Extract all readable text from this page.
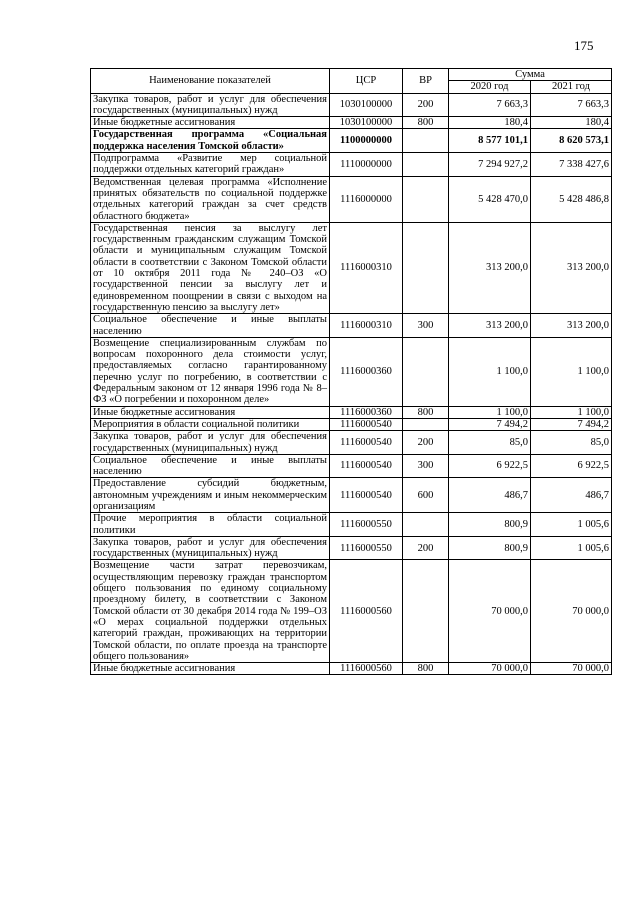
175
Наименование показателей	ЦСР	ВР	Сумма	
			2020 год	2021 год
Закупка товаров, работ и услуг для обеспечения государственных (муниципальных) нужд	1030100000	200	7 663,3	7 663,3
Иные бюджетные ассигнования	1030100000	800	180,4	180,4
Государственная программа «Социальная поддержка населения Томской области»	1100000000		8 577 101,1	8 620 573,1
Подпрограмма «Развитие мер социальной поддержки отдельных категорий граждан»	1110000000		7 294 927,2	7 338 427,6
Ведомственная целевая программа «Исполнение принятых обязательств по социальной поддержке отдельных категорий граждан за счет средств областного бюджета»	1116000000		5 428 470,0	5 428 486,8
Государственная пенсия за выслугу лет государственным гражданским служащим Томской области и муниципальным служащим Томской области в соответствии с Законом Томской области от 10 октября 2011 года № 240–ОЗ «О государственной пенсии за выслугу лет и единовременном поощрении в связи с выходом на государственную пенсию за выслугу лет»	1116000310		313 200,0	313 200,0
Социальное обеспечение и иные выплаты населению	1116000310	300	313 200,0	313 200,0
Возмещение специализированным службам по вопросам похоронного дела стоимости услуг, предоставляемых согласно гарантированному перечню услуг по погребению, в соответствии с Федеральным законом от 12 января 1996 года № 8–ФЗ «О погребении и похоронном деле»	1116000360		1 100,0	1 100,0
Иные бюджетные ассигнования	1116000360	800	1 100,0	1 100,0
Мероприятия в области социальной политики	1116000540		7 494,2	7 494,2
Закупка товаров, работ и услуг для обеспечения государственных (муниципальных) нужд	1116000540	200	85,0	85,0
Социальное обеспечение и иные выплаты населению	1116000540	300	6 922,5	6 922,5
Предоставление субсидий бюджетным, автономным учреждениям и иным некоммерческим организациям	1116000540	600	486,7	486,7
Прочие мероприятия в области социальной политики	1116000550		800,9	1 005,6
Закупка товаров, работ и услуг для обеспечения государственных (муниципальных) нужд	1116000550	200	800,9	1 005,6
Возмещение части затрат перевозчикам, осуществляющим перевозку граждан транспортом общего пользования по единому социальному проездному билету, в соответствии с Законом Томской области от 30 декабря 2014 года № 199–ОЗ «О мерах социальной поддержки отдельных категорий граждан, проживающих на территории Томской области, по оплате проезда на транспорте общего пользования»	1116000560		70 000,0	70 000,0
Иные бюджетные ассигнования	1116000560	800	70 000,0	70 000,0
